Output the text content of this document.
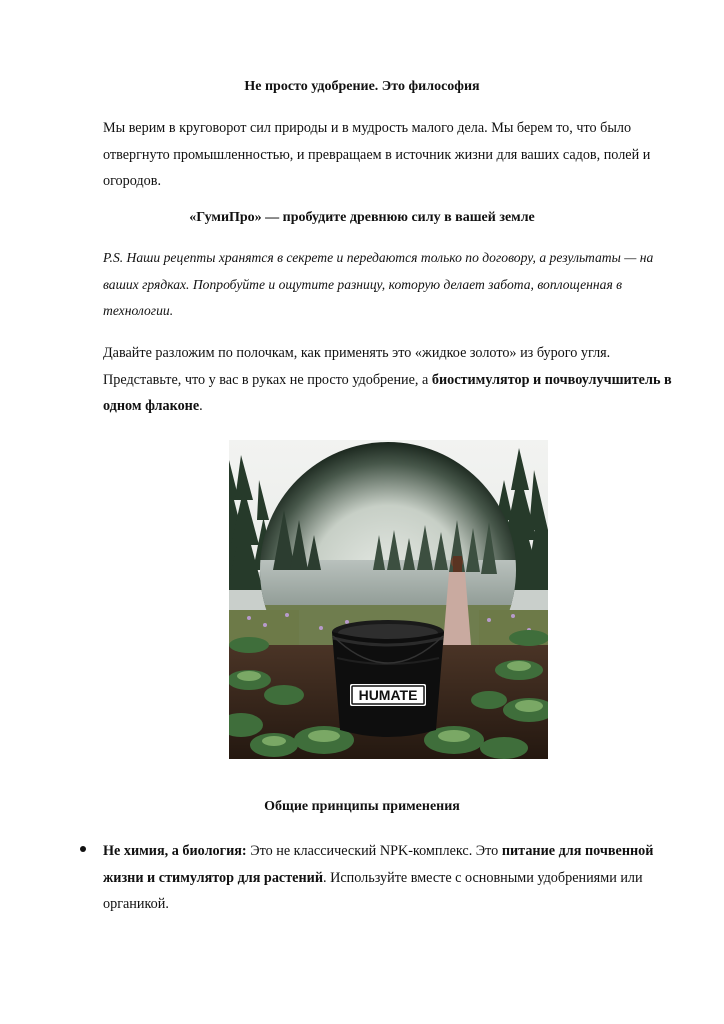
Не просто удобрение. Это философия
Мы верим в круговорот сил природы и в мудрость малого дела. Мы берем то, что было отвергнуто промышленностью, и превращаем в источник жизни для ваших садов, полей и огородов.
«ГумиПро» — пробудите древнюю силу в вашей земле
P.S. Наши рецепты хранятся в секрете и передаются только по договору, а результаты — на ваших грядках. Попробуйте и ощутите разницу, которую делает забота, воплощенная в технологии.
Давайте разложим по полочкам, как применять это «жидкое золото» из бурого угля. Представьте, что у вас в руках не просто удобрение, а биостимулятор и почвоулучшитель в одном флаконе.
HUMATE
Общие принципы применения
Не химия, а биология: Это не классический NPK-комплекс. Это питание для почвенной жизни и стимулятор для растений. Используйте вместе с основными удобрениями или органикой.
